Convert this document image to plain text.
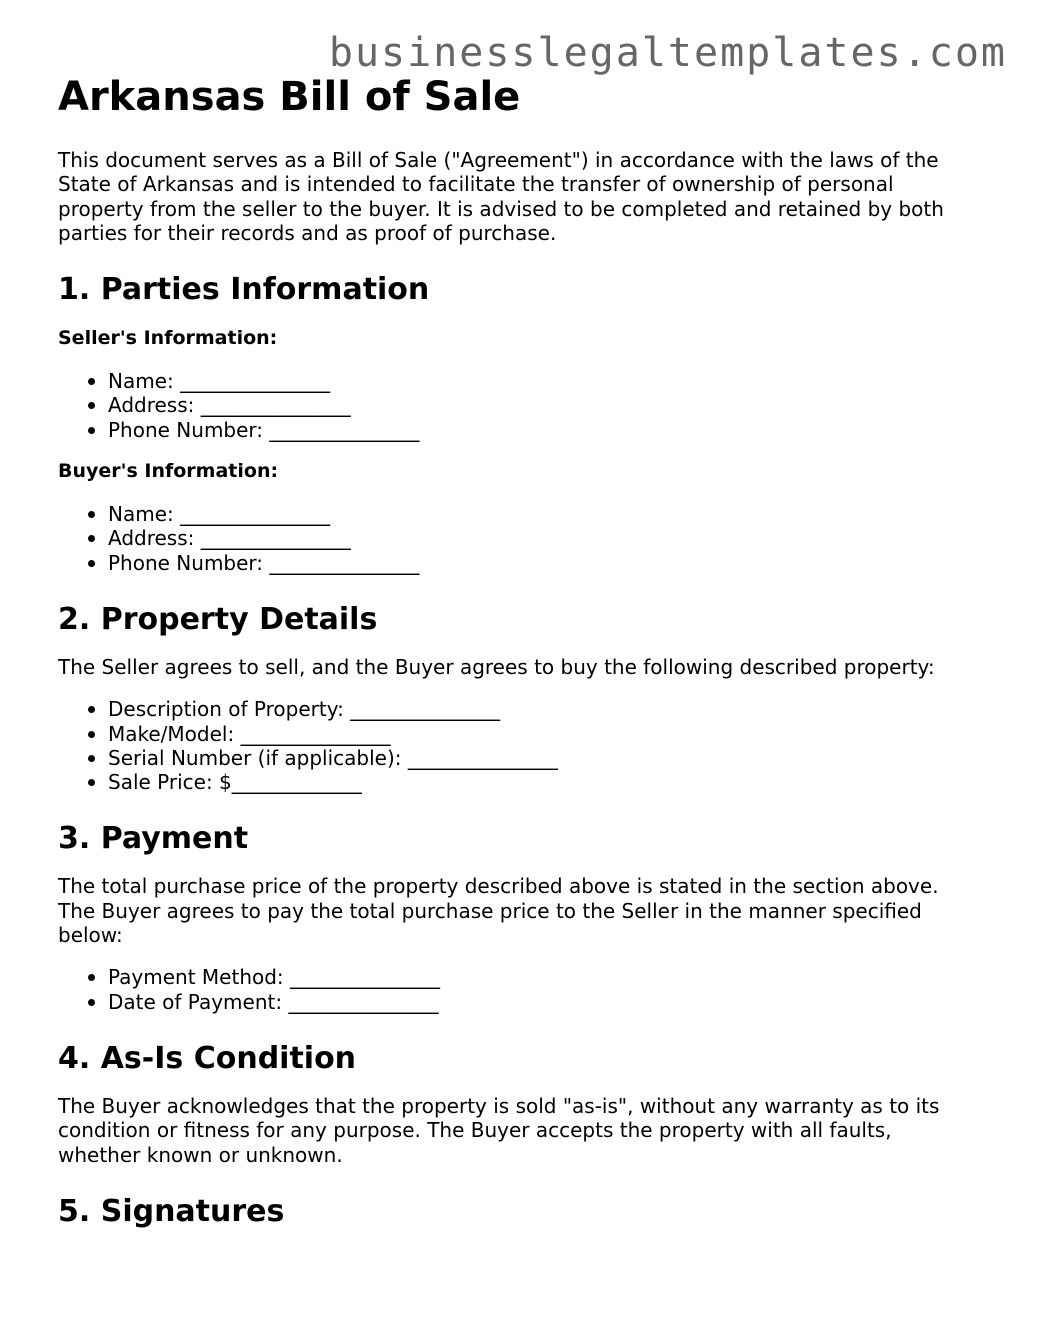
businesslegaltemplates.com
Arkansas Bill of Sale

This document serves as a Bill of Sale ("Agreement") in accordance with the laws of the State of Arkansas and is intended to facilitate the transfer of ownership of personal property from the seller to the buyer. It is advised to be completed and retained by both parties for their records and as proof of purchase.

1. Parties Information
Seller's Information:
Name: _______________
Address: _______________
Phone Number: _______________
Buyer's Information:
Name: _______________
Address: _______________
Phone Number: _______________
2. Property Details

The Seller agrees to sell, and the Buyer agrees to buy the following described property:

Description of Property: _______________
Make/Model: _______________
Serial Number (if applicable): _______________
Sale Price: $_____________
3. Payment

The total purchase price of the property described above is stated in the section above. The Buyer agrees to pay the total purchase price to the Seller in the manner specified below:

Payment Method: _______________
Date of Payment: _______________
4. As-Is Condition

The Buyer acknowledges that the property is sold "as-is", without any warranty as to its condition or fitness for any purpose. The Buyer accepts the property with all faults, whether known or unknown.

5. Signatures
